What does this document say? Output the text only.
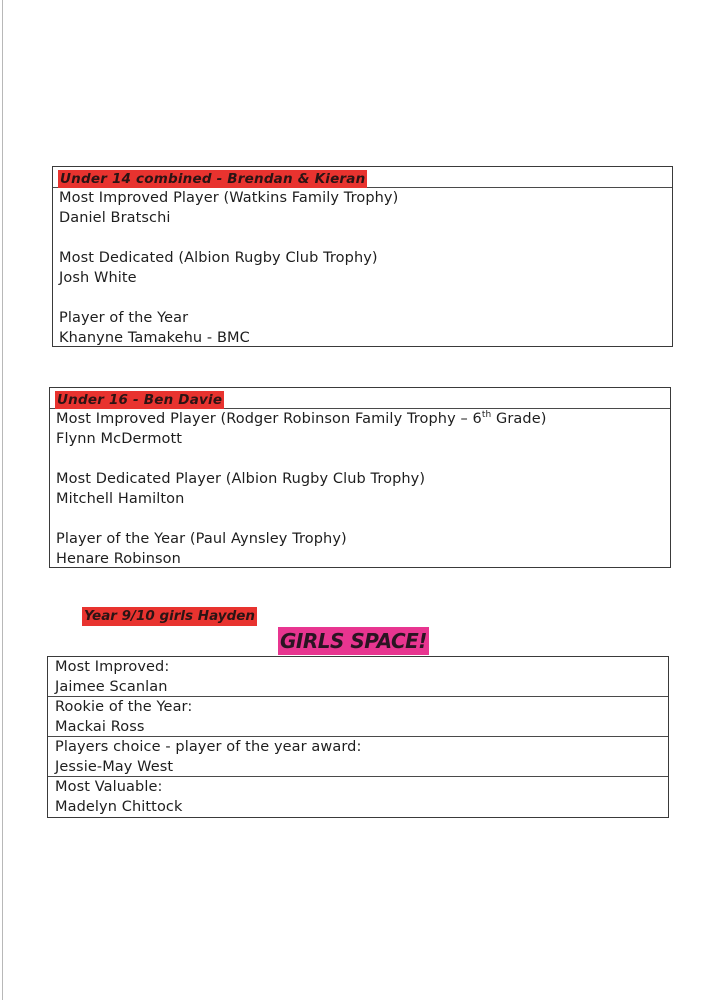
Under 14 combined - Brendan & Kieran
Most Improved Player (Watkins Family Trophy)
Daniel Bratschi
Most Dedicated (Albion Rugby Club Trophy)
Josh White
Player of the Year
Khanyne Tamakehu - BMC
Under 16 - Ben Davie
Most Improved Player (Rodger Robinson Family Trophy – 6th Grade)
Flynn McDermott
Most Dedicated Player (Albion Rugby Club Trophy)
Mitchell Hamilton
Player of the Year (Paul Aynsley Trophy)
Henare Robinson
Year 9/10 girls Hayden
GIRLS SPACE!
Most Improved:
Jaimee Scanlan
Rookie of the Year:
Mackai Ross
Players choice - player of the year award:
Jessie-May West
Most Valuable:
Madelyn Chittock
